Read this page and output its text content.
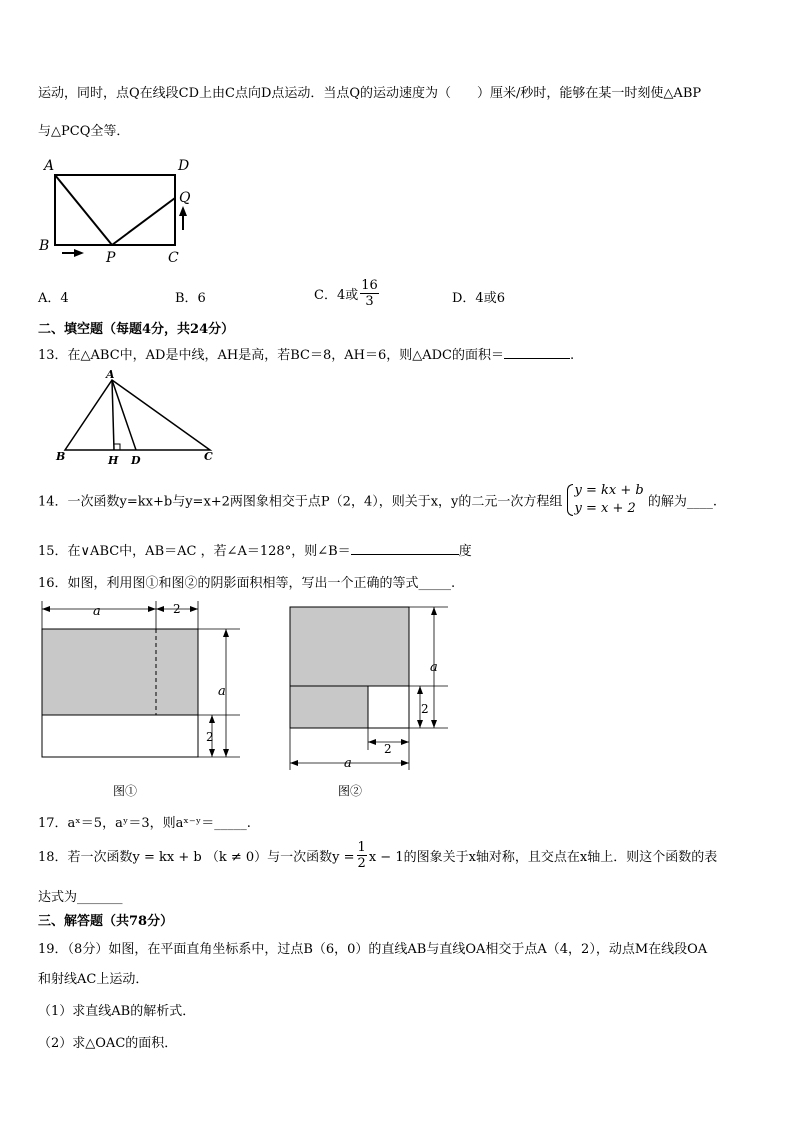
运动，同时，点Q在线段CD上由C点向D点运动．当点Q的运动速度为（　　）厘米/秒时，能够在某一时刻使△ABP
与△PCQ全等．
A	D
Q
B
P	C
A．4	B．6	C．4或 $\frac{16}{3}$	D．4或6
二、填空题（每题4分，共24分）
13．在△ABC中，AD是中线，AH是高，若BC＝8，AH＝6，则△ADC的面积＝	.
A
B	H D	C
14．一次函数y=kx+b与y=x+2两图象相交于点P（2，4），则关于x，y的二元一次方程组
y = kx + b
y = x + 2 的解为____.
15．在∨ABC中，AB＝AC ，若∠A＝128°，则∠B＝	度
16．如图，利用图①和图②的阴影面积相等，写出一个正确的等式_____.
a	2
a
2
图①
a
2
2
a
图②
17．aˣ＝5，aʸ＝3，则aˣ⁻ʸ＝_____.
18．若一次函数y = kx + b （k ≠ 0）与一次函数$y = \frac{1}{2}$ x − 1的图象关于x轴对称，且交点在x轴上．则这个函数的表
达式为_______
三、解答题（共78分）
19．（8分）如图，在平面直角坐标系中，过点B（6，0）的直线AB与直线OA相交于点A（4，2），动点M在线段OA
和射线AC上运动．
（1）求直线AB的解析式．
（2）求△OAC的面积．
